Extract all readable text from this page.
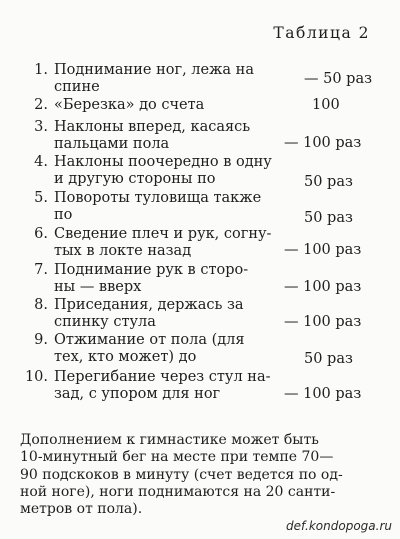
Таблица 2
1. Поднимание ног, лежа на
спине	— 50 раз
2. «Березка» до счета	100
3. Наклоны вперед, касаясь
пальцами пола	— 100 раз
4. Наклоны поочередно в одну
и другую стороны по	50 раз
5. Повороты туловища также
по	50 раз
6. Сведение плеч и рук, согну-
тых в локте назад	— 100 раз
7. Поднимание рук в сторо-
ны — вверх	— 100 раз
8. Приседания, держась за
спинку стула	— 100 раз
9. Отжимание от пола (для
тех, кто может) до	50 раз
10. Перегибание через стул на-
зад, с упором для ног	— 100 раз
Дополнением к гимнастике может быть
10-минутный бег на месте при темпе 70—
90 подскоков в минуту (счет ведется по од-
ной ноге), ноги поднимаются на 20 санти-
метров от пола).
def.kondopoga.ru
